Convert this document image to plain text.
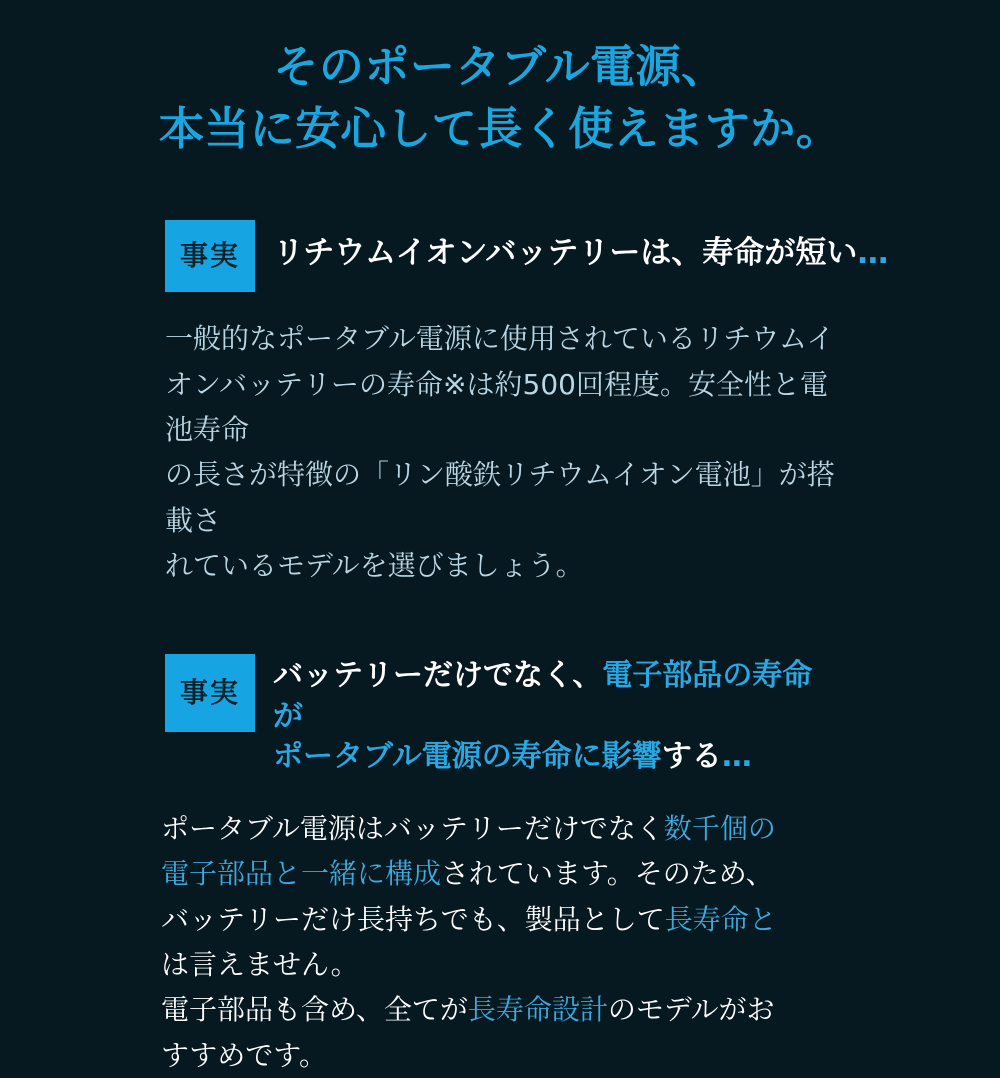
そのポータブル電源、
本当に安心して長く使えますか。
事実	リチウムイオンバッテリーは、寿命が短い…

一般的なポータブル電源に使用されているリチウムイ

オンバッテリーの寿命※は約500回程度。安全性と電池寿命

の長さが特徴の「リン酸鉄リチウムイオン電池」が搭載さ

れているモデルを選びましょう。

事実	バッテリーだけでなく、電子部品の寿命が
ポータブル電源の寿命に影響する…

ポータブル電源はバッテリーだけでなく数千個の

電子部品と一緒に構成されています。そのため、

バッテリーだけ長持ちでも、製品として長寿命と

は言えません。

電子部品も含め、全てが長寿命設計のモデルがお

すすめです。
